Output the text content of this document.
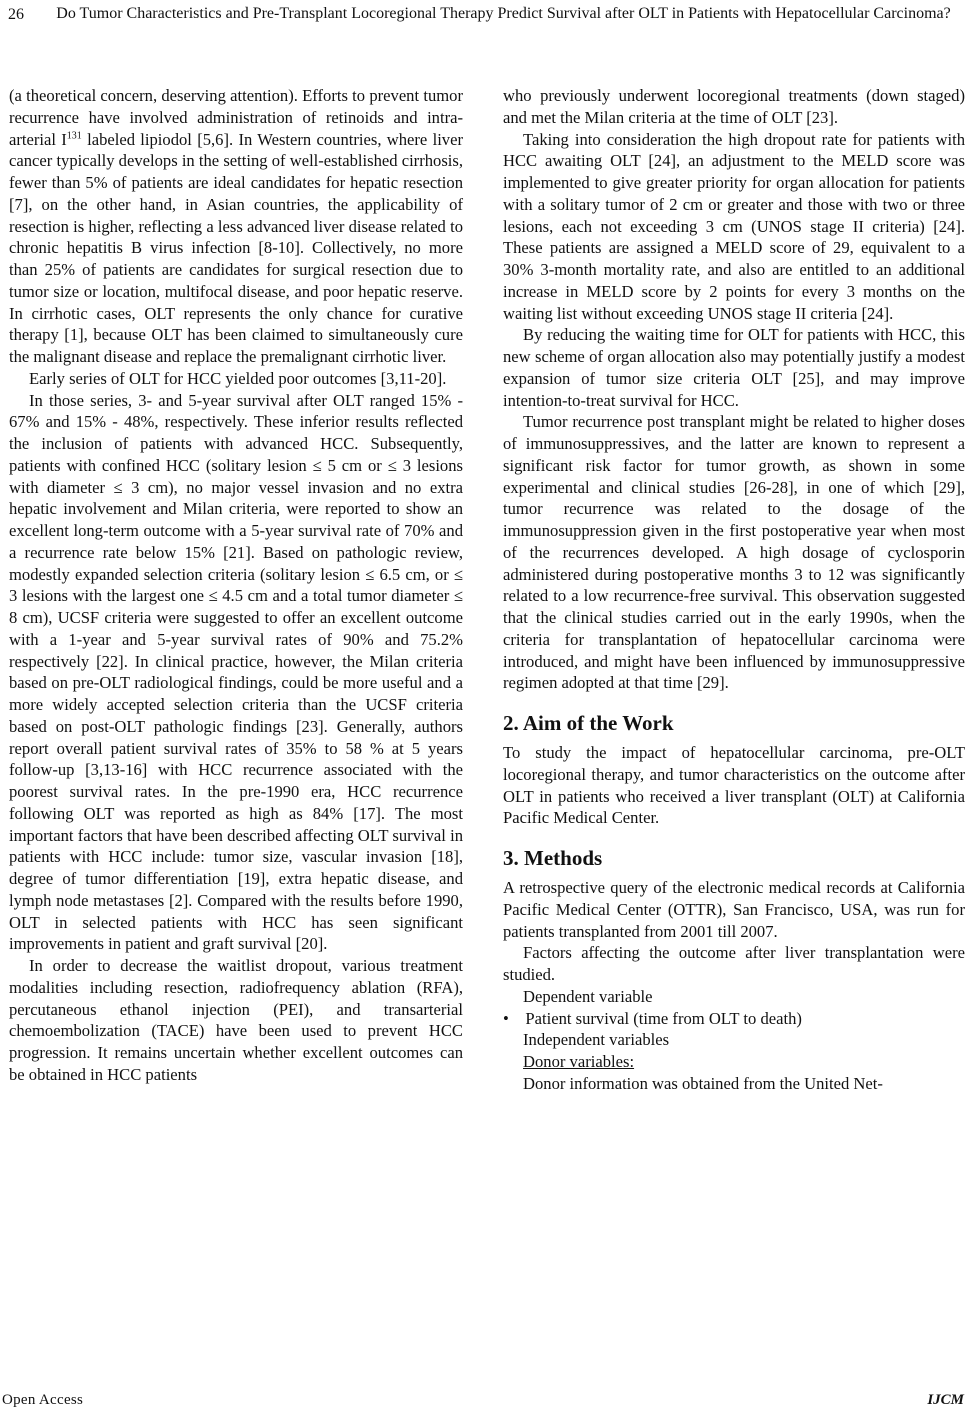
26	Do Tumor Characteristics and Pre-Transplant Locoregional Therapy Predict Survival after OLT in Patients with Hepatocellular Carcinoma?

(a theoretical concern, deserving attention). Efforts to prevent tumor recurrence have involved administration of retinoids and intra-arterial $I^{131}$ labeled lipiodol [5,6]. In Western countries, where liver cancer typically develops in the setting of well-established cirrhosis, fewer than 5% of patients are ideal candidates for hepatic resection [7], on the other hand, in Asian countries, the applicability of resection is higher, reflecting a less advanced liver disease related to chronic hepatitis B virus infection [8-10]. Collectively, no more than 25% of patients are candidates for surgical resection due to tumor size or location, multifocal disease, and poor hepatic reserve. In cirrhotic cases, OLT represents the only chance for curative therapy [1], because OLT has been claimed to simultaneously cure the malignant disease and replace the premalignant cirrhotic liver.

Early series of OLT for HCC yielded poor outcomes [3,11-20].

In those series, 3- and 5-year survival after OLT ranged 15% - 67% and 15% - 48%, respectively. These inferior results reflected the inclusion of patients with advanced HCC. Subsequently, patients with confined HCC (solitary lesion ≤ 5 cm or ≤ 3 lesions with diameter ≤ 3 cm), no major vessel invasion and no extra hepatic involvement and Milan criteria, were reported to show an excellent long-term outcome with a 5-year survival rate of 70% and a recurrence rate below 15% [21]. Based on pathologic review, modestly expanded selection criteria (solitary lesion ≤ 6.5 cm, or ≤ 3 lesions with the largest one ≤ 4.5 cm and a total tumor diameter ≤ 8 cm), UCSF criteria were suggested to offer an excellent outcome with a 1-year and 5-year survival rates of 90% and 75.2% respectively [22]. In clinical practice, however, the Milan criteria based on pre-OLT radiological findings, could be more useful and a more widely accepted selection criteria than the UCSF criteria based on post-OLT pathologic findings [23]. Generally, authors report overall patient survival rates of 35% to 58 % at 5 years follow-up [3,13-16] with HCC recurrence associated with the poorest survival rates. In the pre-1990 era, HCC recurrence following OLT was reported as high as 84% [17]. The most important factors that have been described affecting OLT survival in patients with HCC include: tumor size, vascular invasion [18], degree of tumor differentiation [19], extra hepatic disease, and lymph node metastases [2]. Compared with the results before 1990, OLT in selected patients with HCC has seen significant improvements in patient and graft survival [20].

In order to decrease the waitlist dropout, various treatment modalities including resection, radiofrequency ablation (RFA), percutaneous ethanol injection (PEI), and transarterial chemoembolization (TACE) have been used to prevent HCC progression. It remains uncertain whether excellent outcomes can be obtained in HCC patients

who previously underwent locoregional treatments (down staged) and met the Milan criteria at the time of OLT [23].

Taking into consideration the high dropout rate for patients with HCC awaiting OLT [24], an adjustment to the MELD score was implemented to give greater priority for organ allocation for patients with a solitary tumor of 2 cm or greater and those with two or three lesions, each not exceeding 3 cm (UNOS stage II criteria) [24]. These patients are assigned a MELD score of 29, equivalent to a 30% 3-month mortality rate, and also are entitled to an additional increase in MELD score by 2 points for every 3 months on the waiting list without exceeding UNOS stage II criteria [24].

By reducing the waiting time for OLT for patients with HCC, this new scheme of organ allocation also may potentially justify a modest expansion of tumor size criteria OLT [25], and may improve intention-to-treat survival for HCC.

Tumor recurrence post transplant might be related to higher doses of immunosuppressives, and the latter are known to represent a significant risk factor for tumor growth, as shown in some experimental and clinical studies [26-28], in one of which [29], tumor recurrence was related to the dosage of the immunosuppression given in the first postoperative year when most of the recurrences developed. A high dosage of cyclosporin administered during postoperative months 3 to 12 was significantly related to a low recurrence-free survival. This observation suggested that the clinical studies carried out in the early 1990s, when the criteria for transplantation of hepatocellular carcinoma were introduced, and might have been influenced by immunosuppressive regimen adopted at that time [29].

2. Aim of the Work

To study the impact of hepatocellular carcinoma, pre-OLT locoregional therapy, and tumor characteristics on the outcome after OLT in patients who received a liver transplant (OLT) at California Pacific Medical Center.

3. Methods

A retrospective query of the electronic medical records at California Pacific Medical Center (OTTR), San Francisco, USA, was run for patients transplanted from 2001 till 2007.

Factors affecting the outcome after liver transplantation were studied.

Dependent variable

• Patient survival (time from OLT to death)

Independent variables

Donor variables:

Donor information was obtained from the United Net-

Open Access	IJCM
